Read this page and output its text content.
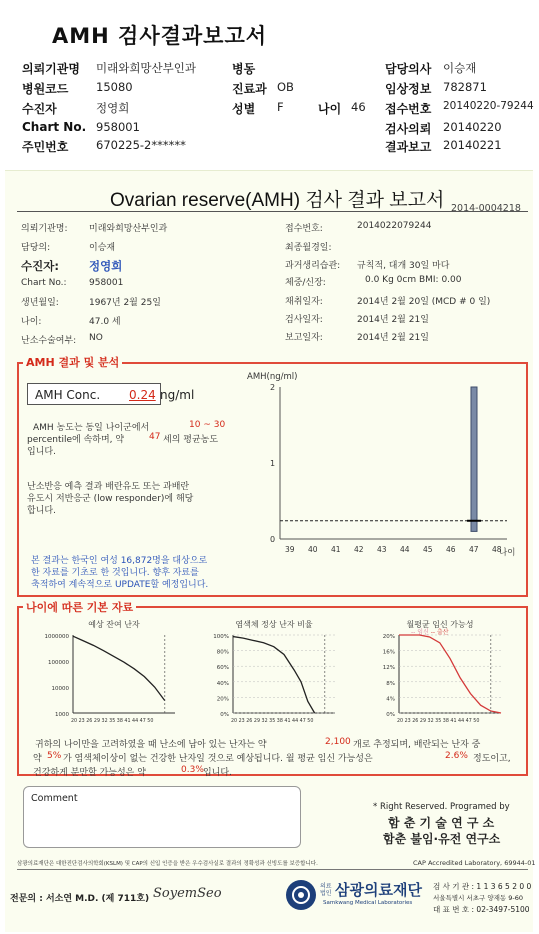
AMH 검사결과보고서
의뢰기관명 미래와희망산부인과	병동	담당의사 이승재
병원코드 15080	진료과 OB	임상정보 782871
수진자	정영희	성별 F	나이 46 접수번호 20140220-79244
Chart No. 958001	검사의뢰 20140220
주민번호 670225-2******	결과보고 20140221
Ovarian reserve(AMH) 검사 결과 보고서 2014-0004218
의뢰기관명: 미래와희망산부인과
담당의:	이승재
수진자:	정영희
Chart No.: 958001
생년월일:	1967년 2월 25일
나이:	47.0 세
난소수술여부: NO
접수번호:	2014022079244
최종월경일:
과거생리습관: 규칙적, 대개 30일 마다
체중/신장:	0.0 Kg 0cm BMI: 0.00
채취일자:	2014년 2월 20일 (MCD # 0 일)
검사일자:	2014년 2월 21일
보고일자:	2014년 2월 21일
AMH 결과 및 분석
AMH Conc. 0.24 ng/ml
AMH 농도는 동일 나이군에서	10 ~ 30
percentile에 속하며, 약	47 세의 평균농도
입니다.
난소반응 예측 결과 배란유도 또는 과배란
유도시 저반응군 (low responder)에 해당
합니다.
본 결과는 한국인 여성 16,872명을 대상으로
한 자료를 기초로 한 것입니다. 향후 자료를
축적하여 계속적으로 UPDATE할 예정입니다.
AMH(ng/ml)
2
1
0
39 40 41 42 43 44 45 46 47 48
나이
나이에 따른 기본 자료
예상 잔여 난자
1000000
100000
10000
1000
20 23 26 29 32 35 38 41 44 47 50
염색체 정상 난자 비율
100%
80%
60%
40%
20%
0%
20 23 26 29 32 35 38 41 44 47 50
월평균 임신 가능성
20%
16%
12%
8%
4%
0%
20 23 26 29 32 35 38 41 44 47 50
-- 임신 -- 출산
귀하의 나이만을 고려하였을 때 난소에 남아 있는 난자는 약	2,100 개로 추정되며, 배란되는 난자 중
약 5% 가 염색체이상이 없는 건강한 난자일 것으로 예상됩니다. 월 평균 임신 가능성은	2.6% 정도이고,
건강하게 분만할 가능성은 약	0.3% 입니다.
Comment
* Right Reserved. Programed by
함 춘 기 술 연 구 소
함춘 불임·유전 연구소
삼광의료재단은 대한진단검사의학회(KSLM) 및 CAP의 신입 인증을 받은 우수검사실로 결과의 정확성과 신빙도를 보증합니다.	CAP Accredited Laboratory, 69944-01
전문의 : 서소연 M.D. (제 711호) SoyemSeo	의료 법인 삼광의료재단
Samkwang Medical Laboratories
검 사 기 관 : 1 1 3 6 5 2 0 0
서울특별시 서초구 양재동 9-60
대 표 번 호 : 02-3497-5100
